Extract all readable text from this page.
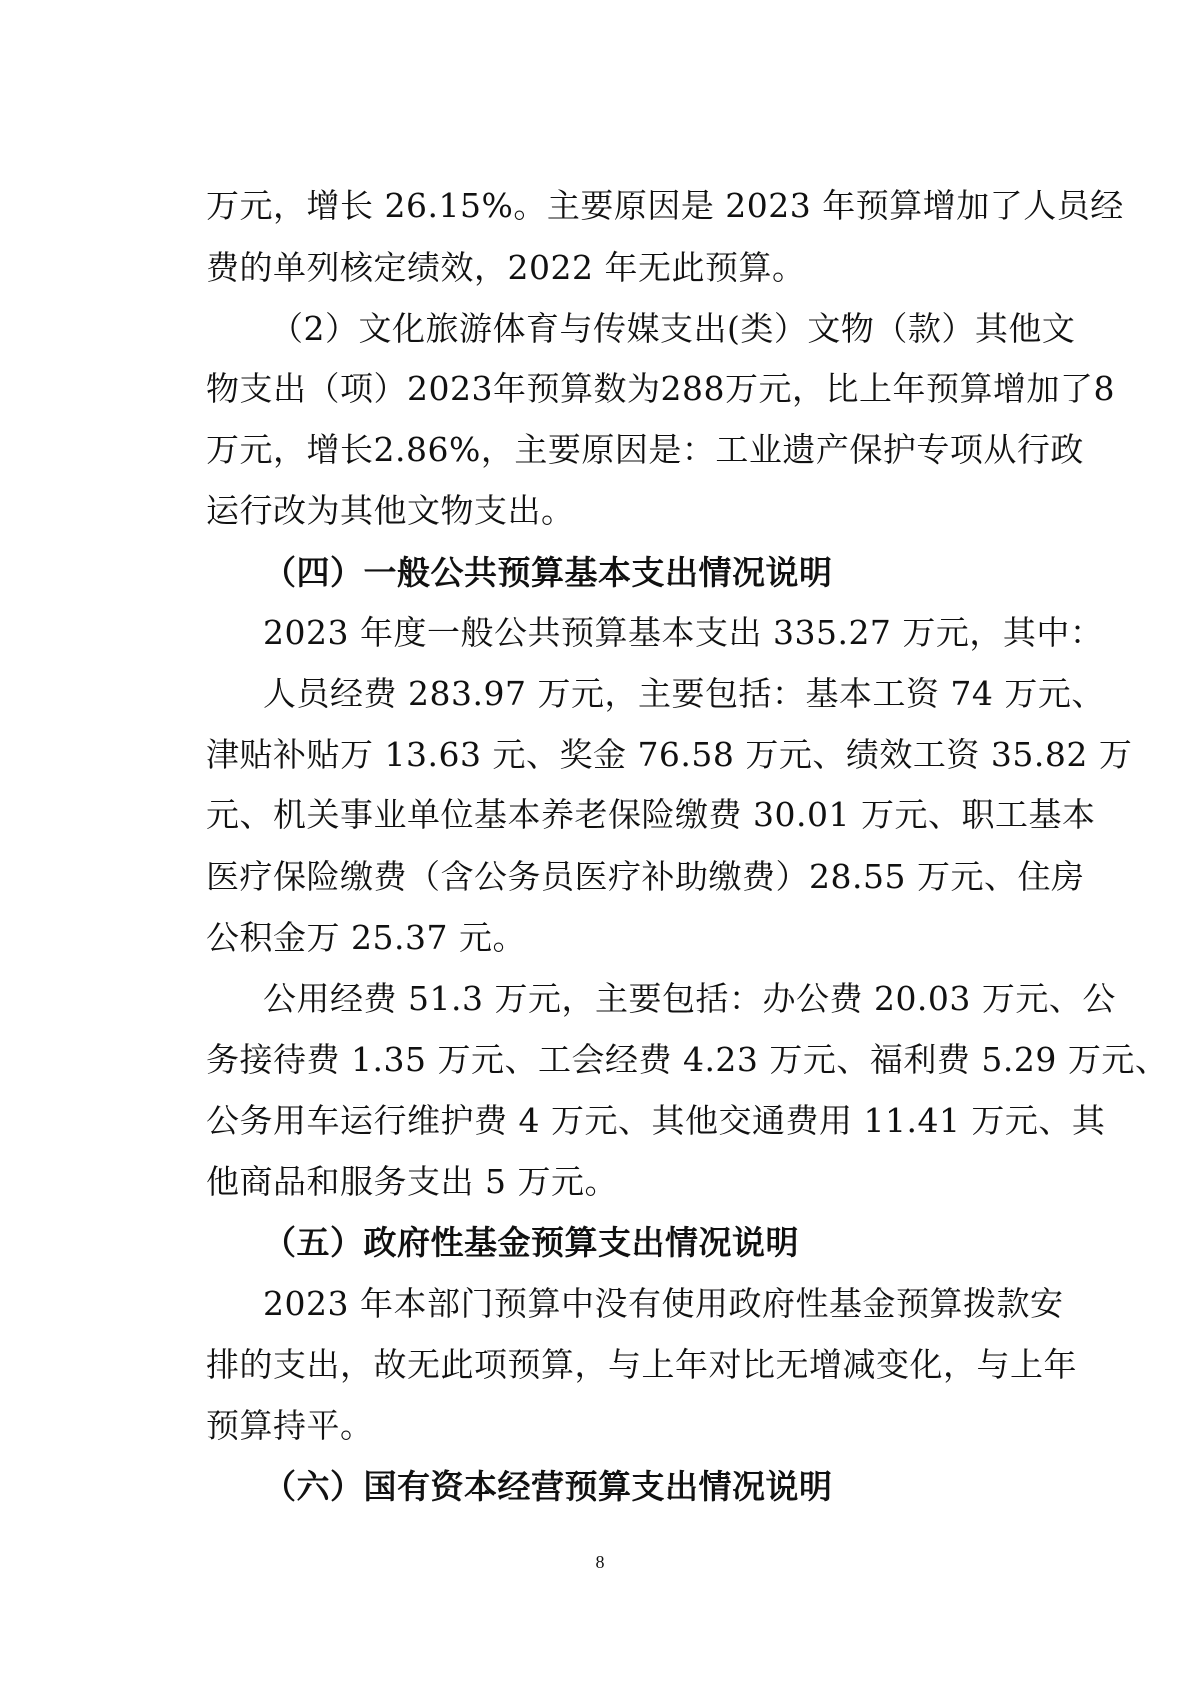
万元，增长 26.15%。主要原因是 2023 年预算增加了人员经
费的单列核定绩效，2022 年无此预算。
（2）文化旅游体育与传媒支出(类）文物（款）其他文
物支出（项）2023年预算数为288万元，比上年预算增加了8
万元，增长2.86%，主要原因是：工业遗产保护专项从行政
运行改为其他文物支出。
（四）一般公共预算基本支出情况说明
2023 年度一般公共预算基本支出 335.27 万元，其中：
人员经费 283.97 万元，主要包括：基本工资 74 万元、
津贴补贴万 13.63 元、奖金 76.58 万元、绩效工资 35.82 万
元、机关事业单位基本养老保险缴费 30.01 万元、职工基本
医疗保险缴费（含公务员医疗补助缴费）28.55 万元、住房
公积金万 25.37 元。
公用经费 51.3 万元，主要包括：办公费 20.03 万元、公
务接待费 1.35 万元、工会经费 4.23 万元、福利费 5.29 万元、
公务用车运行维护费 4 万元、其他交通费用 11.41 万元、其
他商品和服务支出 5 万元。
（五）政府性基金预算支出情况说明
2023 年本部门预算中没有使用政府性基金预算拨款安
排的支出，故无此项预算，与上年对比无增减变化，与上年
预算持平。
（六）国有资本经营预算支出情况说明
8
